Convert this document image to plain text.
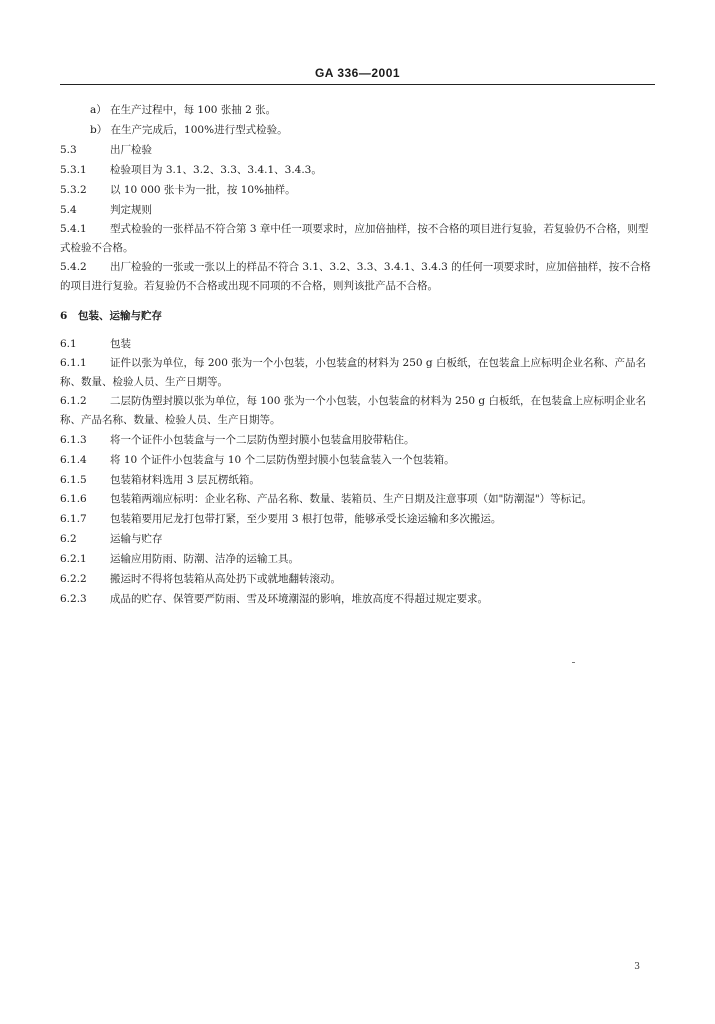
GA 336—2001
a） 在生产过程中，每 100 张抽 2 张。
b） 在生产完成后，100%进行型式检验。
5.3	出厂检验
5.3.1 检验项目为 3.1、3.2、3.3、3.4.1、3.4.3。
5.3.2 以 10 000 张卡为一批，按 10%抽样。
5.4	判定规则
5.4.1 型式检验的一张样品不符合第 3 章中任一项要求时，应加倍抽样，按不合格的项目进行复验，若复验仍不合格，则型式检验不合格。
5.4.2 出厂检验的一张或一张以上的样品不符合 3.1、3.2、3.3、3.4.1、3.4.3 的任何一项要求时，应加倍抽样，按不合格的项目进行复验。若复验仍不合格或出现不同项的不合格，则判该批产品不合格。
6 包装、运输与贮存
6.1	包装
6.1.1 证件以张为单位，每 200 张为一个小包装，小包装盒的材料为 250 g 白板纸，在包装盒上应标明企业名称、产品名称、数量、检验人员、生产日期等。
6.1.2 二层防伪塑封膜以张为单位，每 100 张为一个小包装，小包装盒的材料为 250 g 白板纸，在包装盒上应标明企业名称、产品名称、数量、检验人员、生产日期等。
6.1.3 将一个证件小包装盒与一个二层防伪塑封膜小包装盒用胶带粘住。
6.1.4 将 10 个证件小包装盒与 10 个二层防伪塑封膜小包装盒装入一个包装箱。
6.1.5 包装箱材料选用 3 层瓦楞纸箱。
6.1.6 包装箱两端应标明：企业名称、产品名称、数量、装箱员、生产日期及注意事项（如"防潮湿"）等标记。
6.1.7 包装箱要用尼龙打包带打紧，至少要用 3 根打包带，能够承受长途运输和多次搬运。
6.2	运输与贮存
6.2.1 运输应用防雨、防潮、洁净的运输工具。
6.2.2 搬运时不得将包装箱从高处扔下或就地翻转滚动。
6.2.3 成品的贮存、保管要严防雨、雪及环境潮湿的影响，堆放高度不得超过规定要求。
3
